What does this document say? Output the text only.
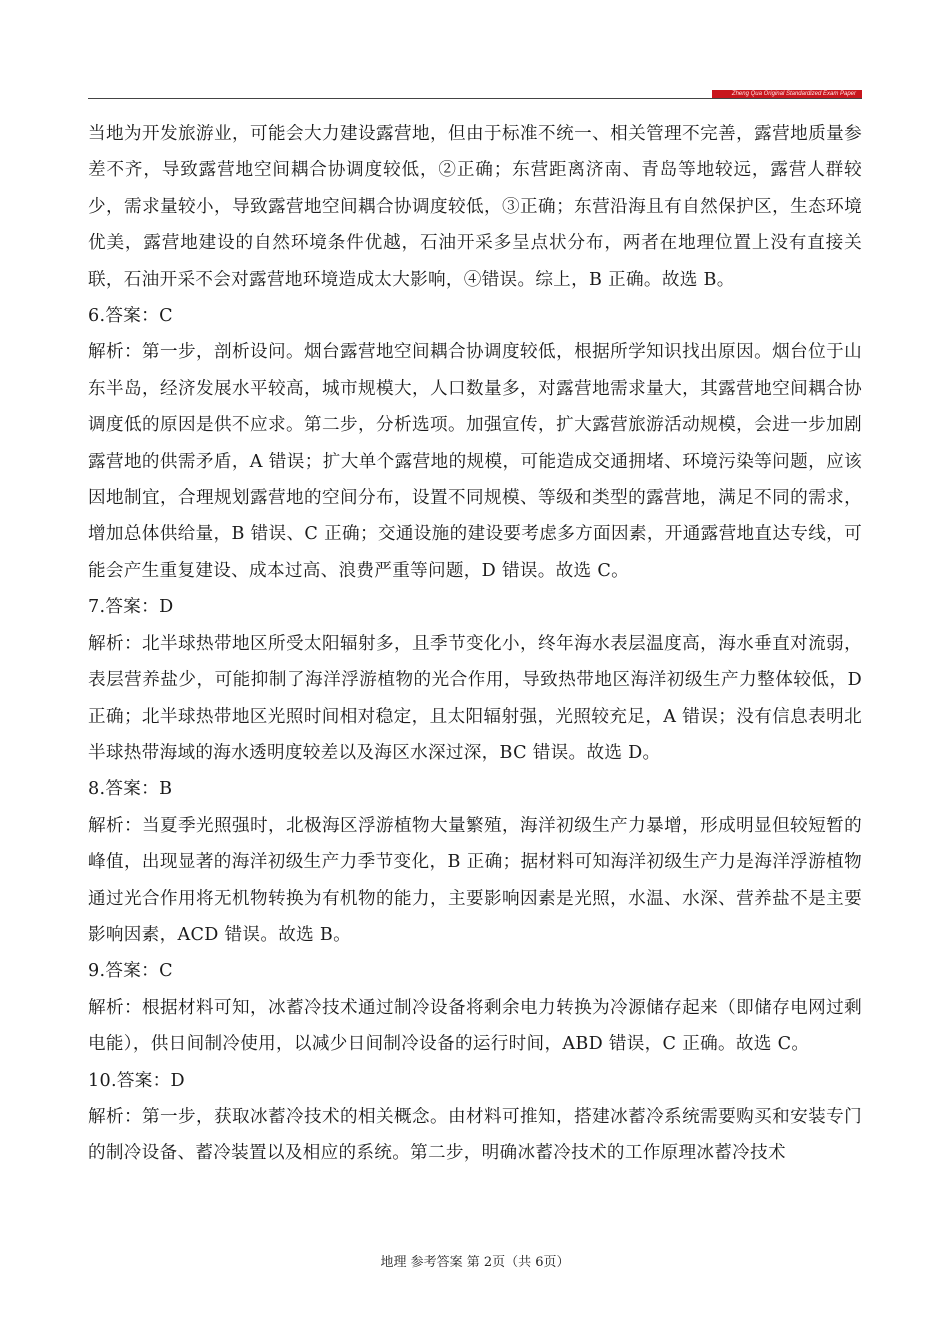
Zheng Qua Original Standardized Exam Paper

当地为开发旅游业，可能会大力建设露营地，但由于标准不统一、相关管理不完善，露营地质量参差不齐，导致露营地空间耦合协调度较低，②正确；东营距离济南、青岛等地较远，露营人群较少，需求量较小，导致露营地空间耦合协调度较低，③正确；东营沿海且有自然保护区，生态环境优美，露营地建设的自然环境条件优越，石油开采多呈点状分布，两者在地理位置上没有直接关联，石油开采不会对露营地环境造成太大影响，④错误。综上，B 正确。故选 B。

6.答案：C

解析：第一步，剖析设问。烟台露营地空间耦合协调度较低，根据所学知识找出原因。烟台位于山东半岛，经济发展水平较高，城市规模大，人口数量多，对露营地需求量大，其露营地空间耦合协调度低的原因是供不应求。第二步，分析选项。加强宣传，扩大露营旅游活动规模，会进一步加剧露营地的供需矛盾，A 错误；扩大单个露营地的规模，可能造成交通拥堵、环境污染等问题，应该因地制宜，合理规划露营地的空间分布，设置不同规模、等级和类型的露营地，满足不同的需求，增加总体供给量，B 错误、C 正确；交通设施的建设要考虑多方面因素，开通露营地直达专线，可能会产生重复建设、成本过高、浪费严重等问题，D 错误。故选 C。

7.答案：D

解析：北半球热带地区所受太阳辐射多，且季节变化小，终年海水表层温度高，海水垂直对流弱，表层营养盐少，可能抑制了海洋浮游植物的光合作用，导致热带地区海洋初级生产力整体较低，D 正确；北半球热带地区光照时间相对稳定，且太阳辐射强，光照较充足，A 错误；没有信息表明北半球热带海域的海水透明度较差以及海区水深过深，BC 错误。故选 D。

8.答案：B

解析：当夏季光照强时，北极海区浮游植物大量繁殖，海洋初级生产力暴增，形成明显但较短暂的峰值，出现显著的海洋初级生产力季节变化，B 正确；据材料可知海洋初级生产力是海洋浮游植物通过光合作用将无机物转换为有机物的能力，主要影响因素是光照，水温、水深、营养盐不是主要影响因素，ACD 错误。故选 B。

9.答案：C

解析：根据材料可知，冰蓄冷技术通过制冷设备将剩余电力转换为冷源储存起来（即储存电网过剩电能），供日间制冷使用，以减少日间制冷设备的运行时间，ABD 错误，C 正确。故选 C。

10.答案：D

解析：第一步，获取冰蓄冷技术的相关概念。由材料可推知，搭建冰蓄冷系统需要购买和安装专门的制冷设备、蓄冷装置以及相应的系统。第二步，明确冰蓄冷技术的工作原理冰蓄冷技术

地理 参考答案 第 2页（共 6页）
